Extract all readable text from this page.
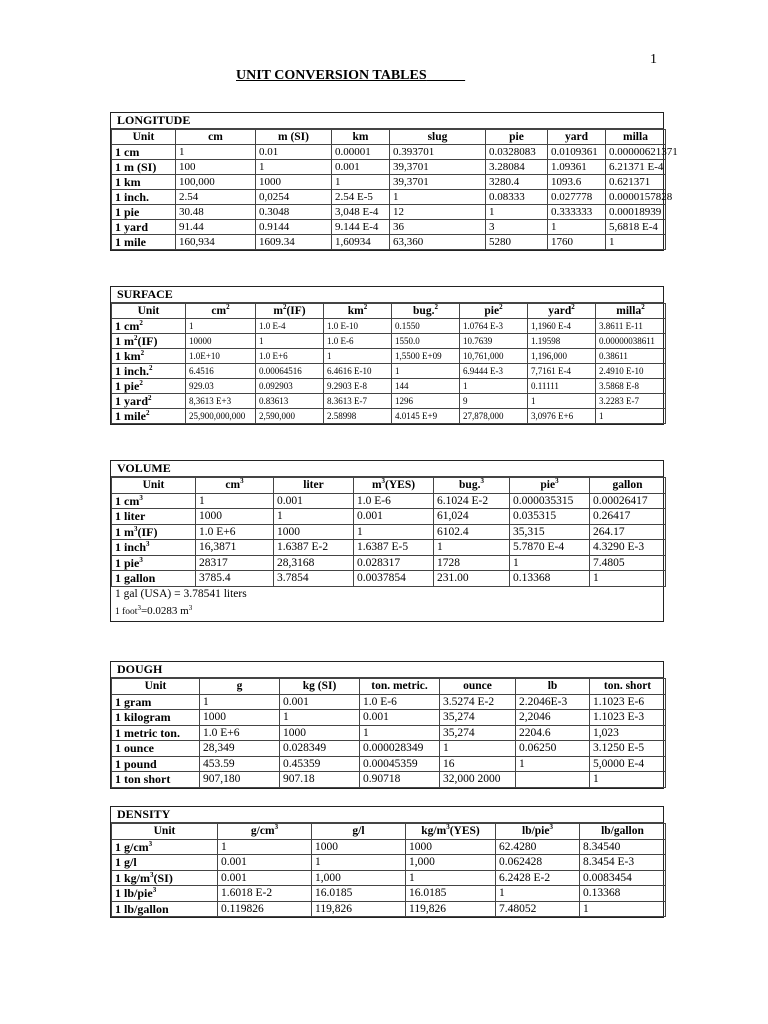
1
UNIT CONVERSION TABLES
LONGITUDE
Unit	cm	m (SI)	km	slug	pie	yard	milla
1 cm	1	0.01	0.00001	0.393701	0.0328083	0.0109361	0.00000621371
1 m (SI)	100	1	0.001	39,3701	3.28084	1.09361	6.21371 E-4
1 km	100,000	1000	1	39,3701	3280.4	1093.6	0.621371
1 inch.	2.54	0,0254	2.54 E-5	1	0.08333	0.027778	0.0000157828
1 pie	30.48	0.3048	3,048 E-4	12	1	0.333333	0.00018939
1 yard	91.44	0.9144	9.144 E-4	36	3	1	5,6818 E-4
1 mile	160,934	1609.34	1,60934	63,360	5280	1760	1
SURFACE
Unit	$cm^2$	$m^2(IF)$	$km^2$	bug.$^2$	pie$^2$	yard$^2$	milla$^2$
1 $cm^2$	1	1.0 E-4	1.0 E-10	0.1550	1.0764 E-3	1,1960 E-4	3.8611 E-11
1 $m^2(IF)$	10000	1	1.0 E-6	1550.0	10.7639	1.19598	0.00000038611
1 $km^2$	1.0E+10	1.0 E+6	1	1,5500 E+09	10,761,000	1,196,000	0.38611
1 inch.$^2$	6.4516	0.00064516	6.4616 E-10	1	6.9444 E-3	7,7161 E-4	2.4910 E-10
1 pie$^2$	929.03	0.092903	9.2903 E-8	144	1	0.11111	3.5868 E-8
1 yard$^2$	8,3613 E+3	0.83613	8.3613 E-7	1296	9	1	3.2283 E-7
1 mile$^2$	25,900,000,000	2,590,000	2.58998	4.0145 E+9	27,878,000	3,0976 E+6	1
VOLUME
Unit	$cm^3$	liter	$m^3(YES)$	bug.$^3$	pie$^3$	gallon
1 $cm^3$	1	0.001	1.0 E-6	6.1024 E-2	0.000035315	0.00026417
1 liter	1000	1	0.001	61,024	0.035315	0.26417
1 $m^3(IF)$	1.0 E+6	1000	1	6102.4	35,315	264.17
1 inch$^3$	16,3871	1.6387 E-2	1.6387 E-5	1	5.7870 E-4	4.3290 E-3
1 pie$^3$	28317	28,3168	0.028317	1728	1	7.4805
1 gallon	3785.4	3.7854	0.0037854	231.00	0.13368	1
1 gal (USA) = 3.78541 liters
1 foot$^3$=0.0283 $m^3$
DOUGH
Unit	g	kg (SI)	ton. metric.	ounce	lb	ton. short
1 gram	1	0.001	1.0 E-6	3.5274 E-2	2.2046E-3	1.1023 E-6
1 kilogram	1000	1	0.001	35,274	2,2046	1.1023 E-3
1 metric ton.	1.0 E+6	1000	1	35,274	2204.6	1,023
1 ounce	28,349	0.028349	0.000028349	1	0.06250	3.1250 E-5
1 pound	453.59	0.45359	0.00045359	16	1	5,0000 E-4
1 ton short	907,180	907.18	0.90718	32,000 2000		1
DENSITY
Unit	$g/cm^3$	g/l	$kg/m^3(YES)$	lb/pie$^3$	lb/gallon
1 $g/cm^3$	1	1000	1000	62.4280	8.34540
1 g/l	0.001	1	1,000	0.062428	8.3454 E-3
1 $kg/m^3(SI)$	0.001	1,000	1	6.2428 E-2	0.0083454
1 lb/pie$^3$	1.6018 E-2	16.0185	16.0185	1	0.13368
1 lb/gallon	0.119826	119,826	119,826	7.48052	1
